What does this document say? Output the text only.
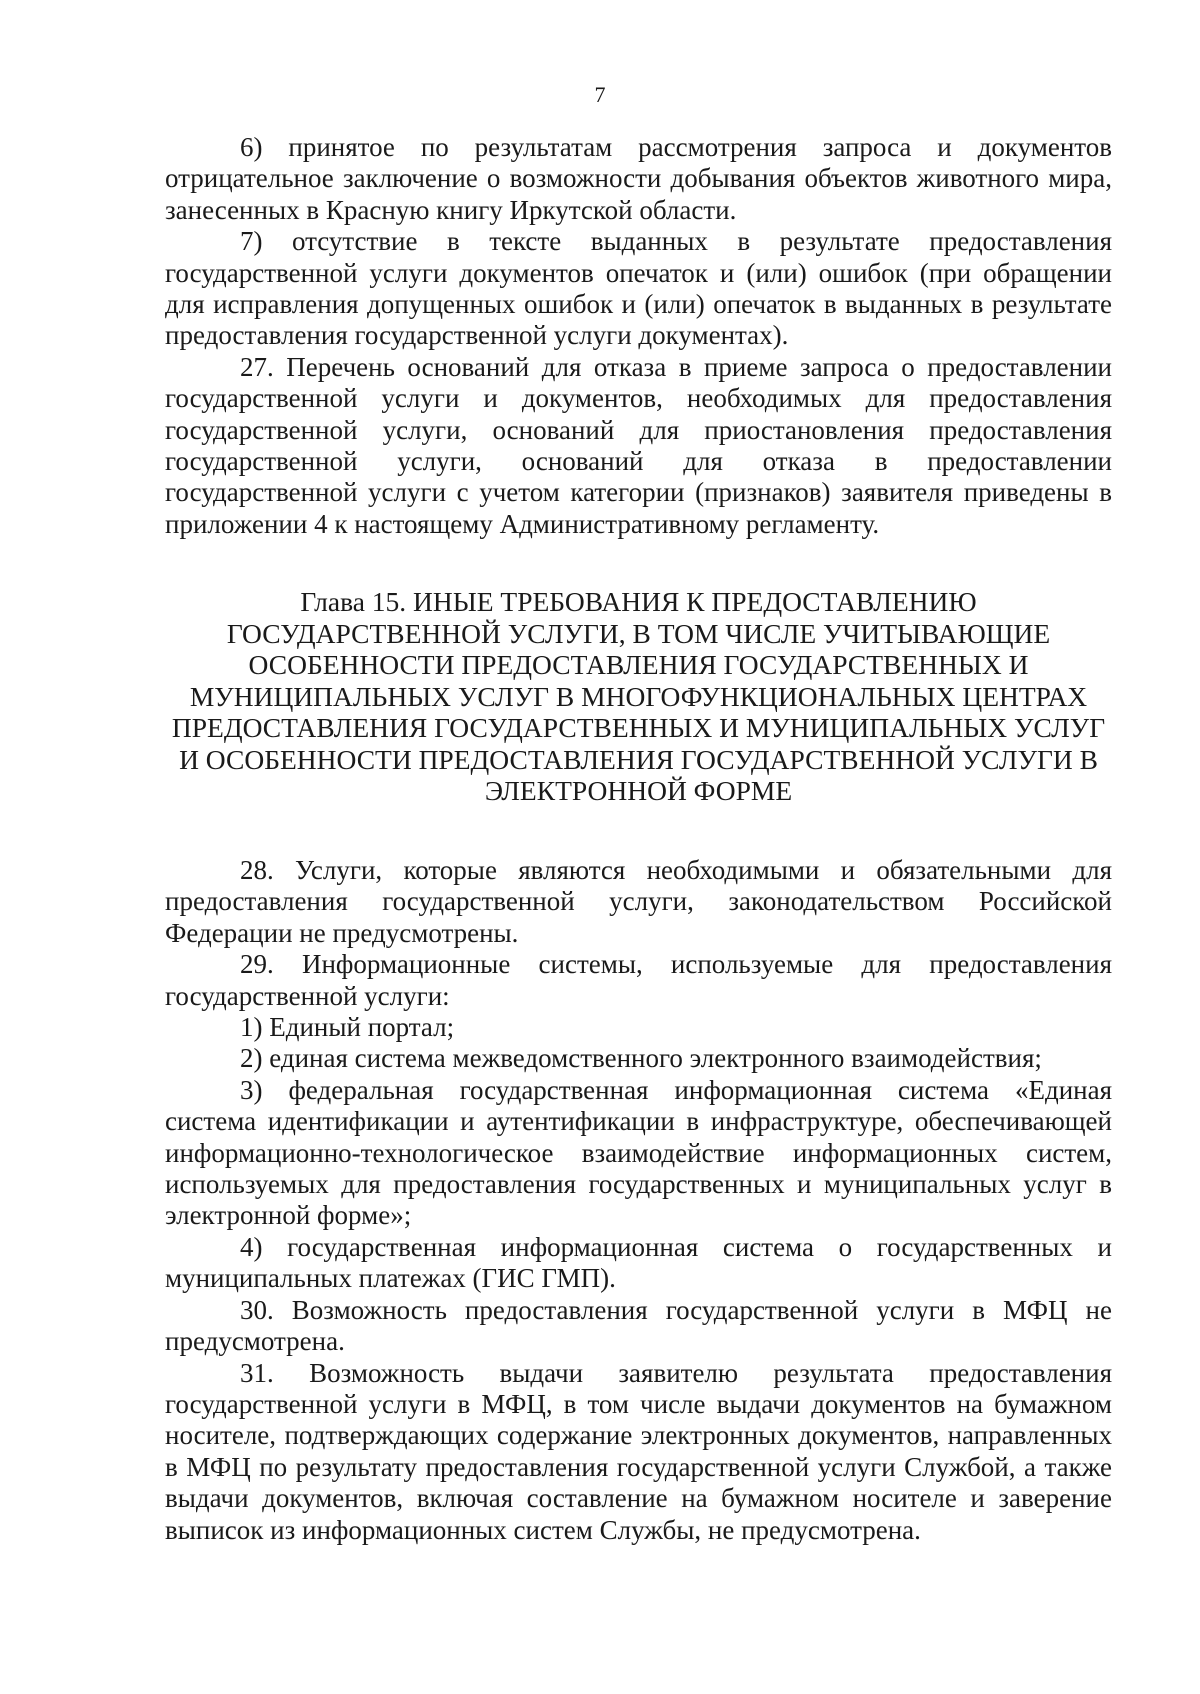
7

6) принятое по результатам рассмотрения запроса и документов отрицательное заключение о возможности добывания объектов животного мира, занесенных в Красную книгу Иркутской области.

7) отсутствие в тексте выданных в результате предоставления государственной услуги документов опечаток и (или) ошибок (при обращении для исправления допущенных ошибок и (или) опечаток в выданных в результате предоставления государственной услуги документах).

27. Перечень оснований для отказа в приеме запроса о предоставлении государственной услуги и документов, необходимых для предоставления государственной услуги, оснований для приостановления предоставления государственной услуги, оснований для отказа в предоставлении государственной услуги с учетом категории (признаков) заявителя приведены в приложении 4 к настоящему Административному регламенту.

Глава 15. ИНЫЕ ТРЕБОВАНИЯ К ПРЕДОСТАВЛЕНИЮ ГОСУДАРСТВЕННОЙ УСЛУГИ, В ТОМ ЧИСЛЕ УЧИТЫВАЮЩИЕ ОСОБЕННОСТИ ПРЕДОСТАВЛЕНИЯ ГОСУДАРСТВЕННЫХ И МУНИЦИПАЛЬНЫХ УСЛУГ В МНОГОФУНКЦИОНАЛЬНЫХ ЦЕНТРАХ ПРЕДОСТАВЛЕНИЯ ГОСУДАРСТВЕННЫХ И МУНИЦИПАЛЬНЫХ УСЛУГ И ОСОБЕННОСТИ ПРЕДОСТАВЛЕНИЯ ГОСУДАРСТВЕННОЙ УСЛУГИ В ЭЛЕКТРОННОЙ ФОРМЕ

28. Услуги, которые являются необходимыми и обязательными для предоставления государственной услуги, законодательством Российской Федерации не предусмотрены.

29. Информационные системы, используемые для предоставления государственной услуги:

1) Единый портал;

2) единая система межведомственного электронного взаимодействия;

3) федеральная государственная информационная система «Единая система идентификации и аутентификации в инфраструктуре, обеспечивающей информационно-технологическое взаимодействие информационных систем, используемых для предоставления государственных и муниципальных услуг в электронной форме»;

4) государственная информационная система о государственных и муниципальных платежах (ГИС ГМП).

30. Возможность предоставления государственной услуги в МФЦ не предусмотрена.

31. Возможность выдачи заявителю результата предоставления государственной услуги в МФЦ, в том числе выдачи документов на бумажном носителе, подтверждающих содержание электронных документов, направленных в МФЦ по результату предоставления государственной услуги Службой, а также выдачи документов, включая составление на бумажном носителе и заверение выписок из информационных систем Службы, не предусмотрена.
